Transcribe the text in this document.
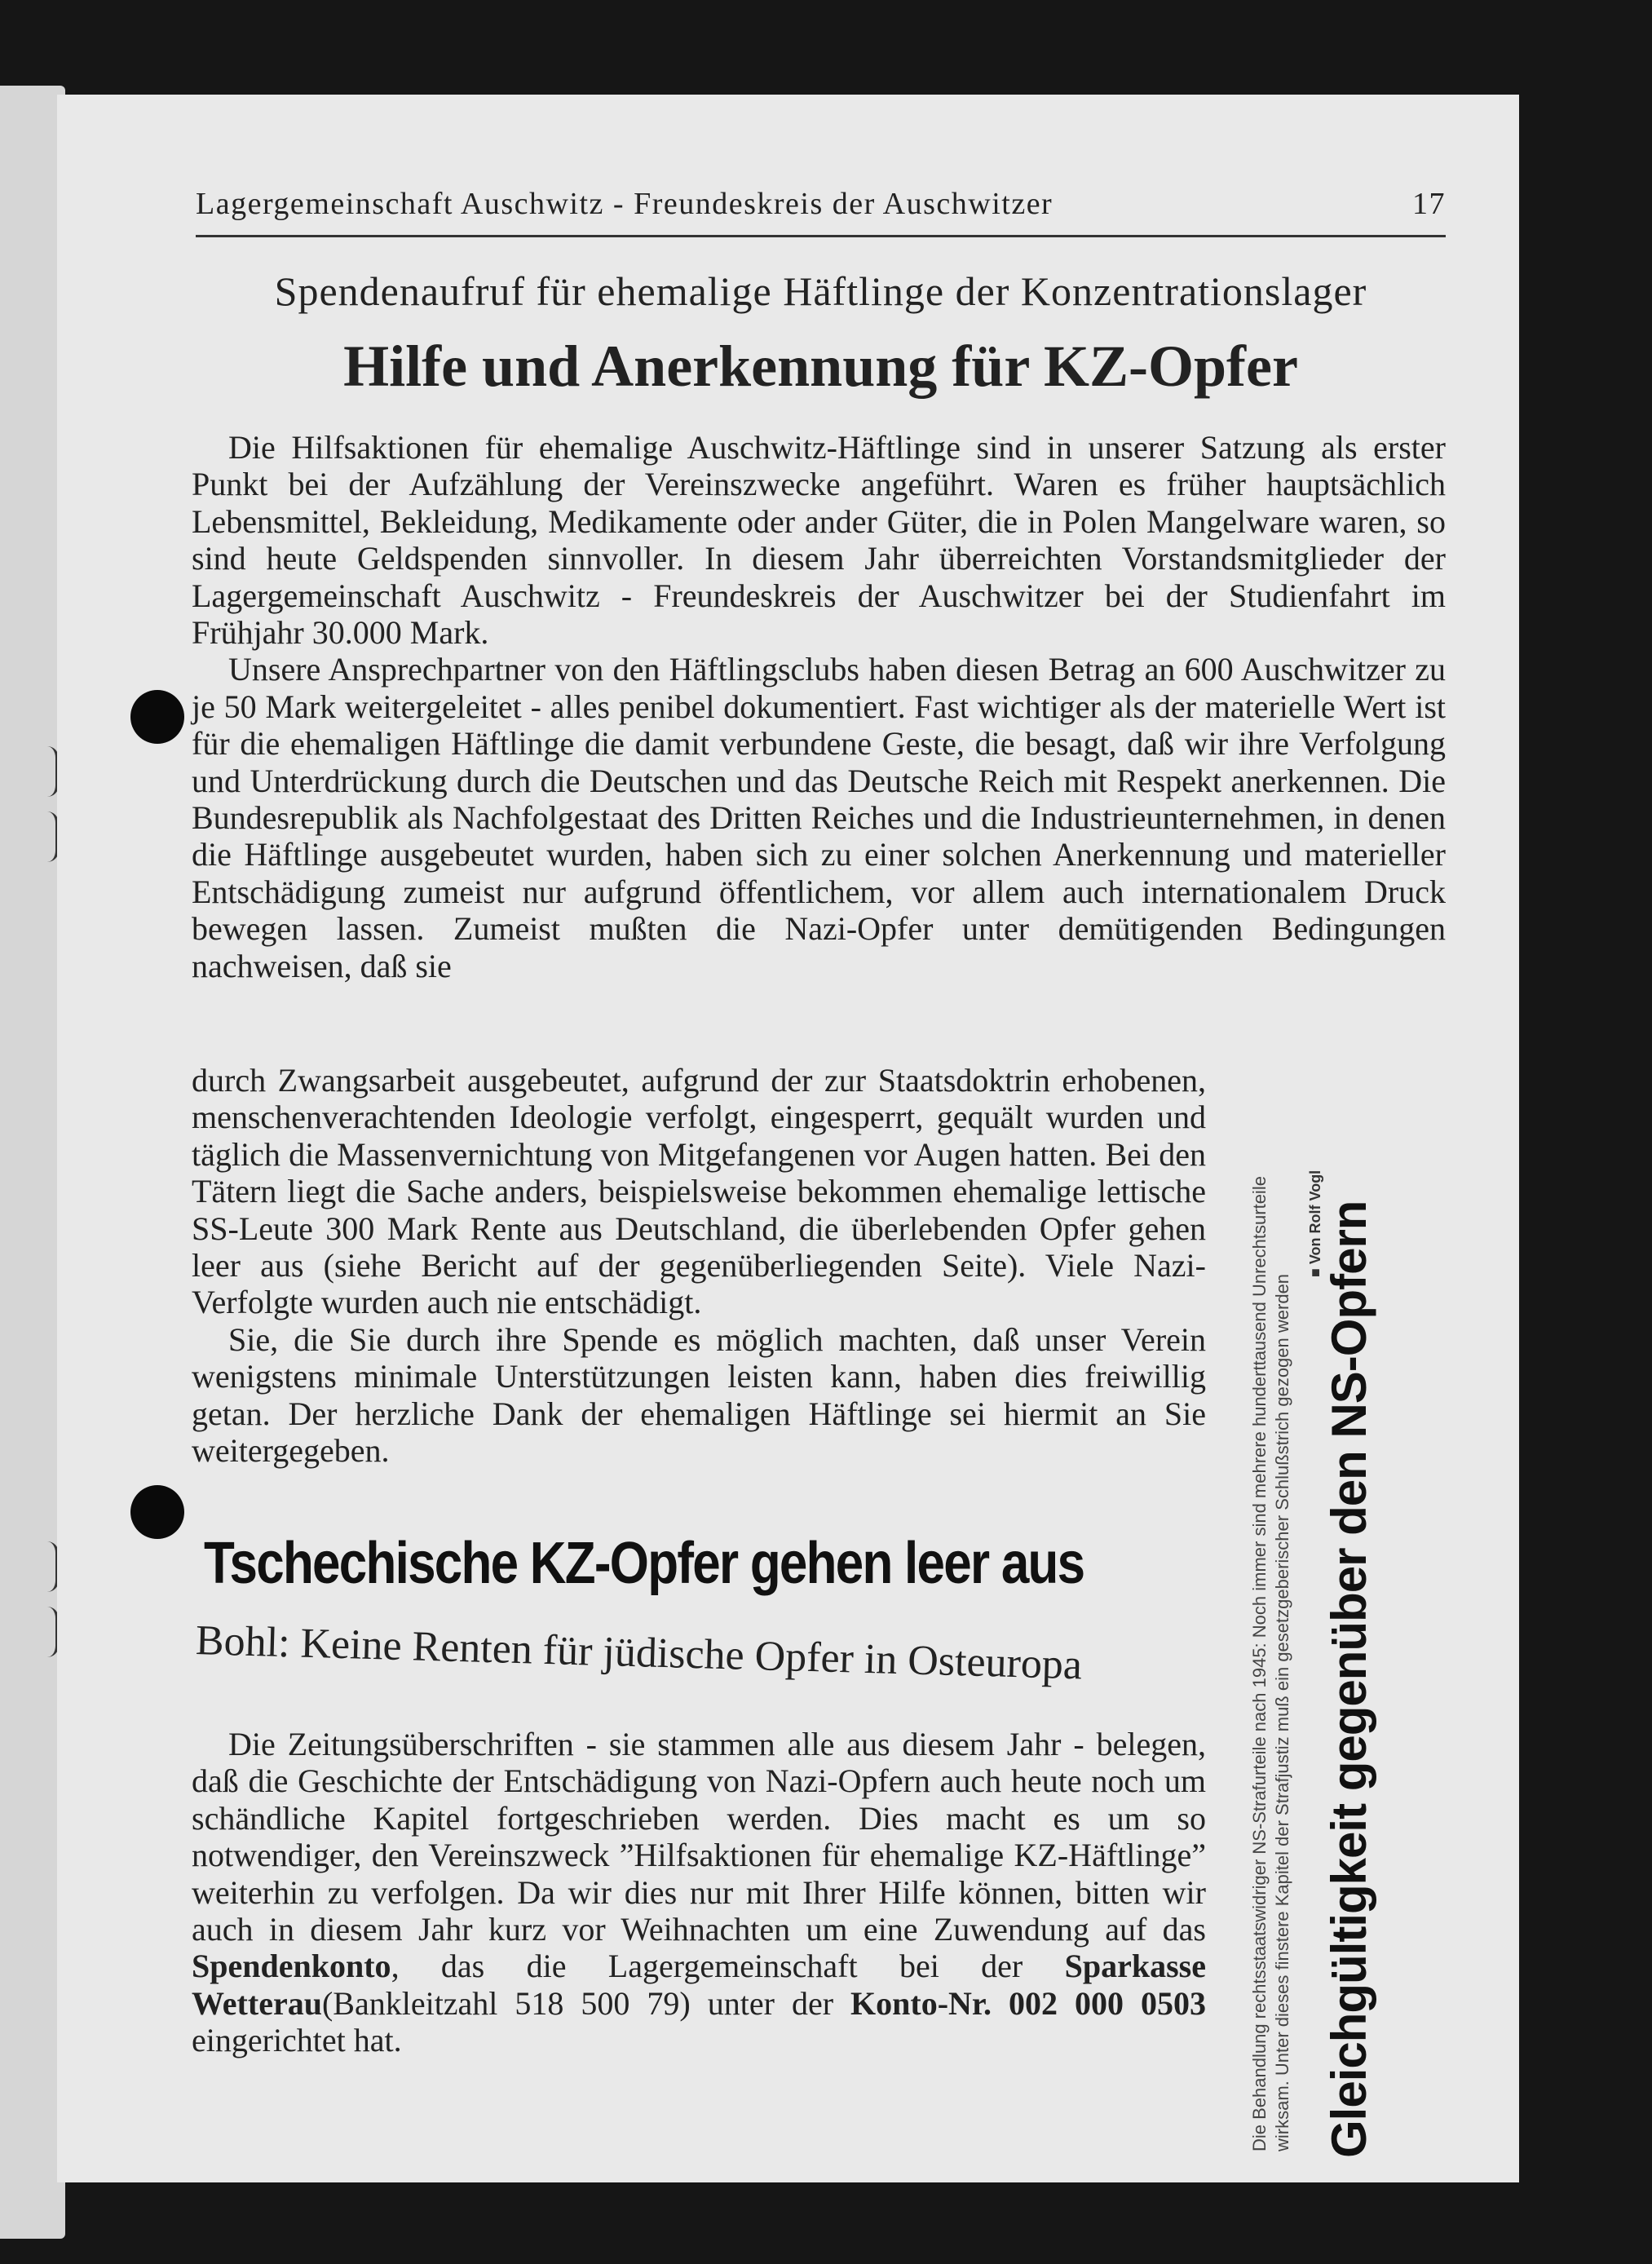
Lagergemeinschaft Auschwitz - Freundeskreis der Auschwitzer	17
Spendenaufruf für ehemalige Häftlinge der Konzentrationslager
Hilfe und Anerkennung für KZ-Opfer

Die Hilfsaktionen für ehemalige Auschwitz-Häftlinge sind in unserer Satzung als erster Punkt bei der Aufzählung der Vereinszwecke angeführt. Waren es früher hauptsächlich Lebensmittel, Bekleidung, Medikamente oder ander Güter, die in Polen Mangelware waren, so sind heute Geldspenden sinnvoller. In diesem Jahr überreichten Vorstandsmitglieder der Lagergemeinschaft Auschwitz - Freundeskreis der Auschwitzer bei der Studienfahrt im Frühjahr 30.000 Mark.

Unsere Ansprechpartner von den Häftlingsclubs haben diesen Betrag an 600 Auschwitzer zu je 50 Mark weitergeleitet - alles penibel dokumentiert. Fast wichtiger als der materielle Wert ist für die ehemaligen Häftlinge die damit verbundene Geste, die besagt, daß wir ihre Verfolgung und Unterdrückung durch die Deutschen und das Deutsche Reich mit Respekt anerkennen. Die Bundesrepublik als Nachfolgestaat des Dritten Reiches und die Industrieunternehmen, in denen die Häftlinge ausgebeutet wurden, haben sich zu einer solchen Anerkennung und materieller Entschädigung zumeist nur aufgrund öffentlichem, vor allem auch internationalem Druck bewegen lassen. Zumeist mußten die Nazi-Opfer unter demütigenden Bedingungen nachweisen, daß sie

durch Zwangsarbeit ausgebeutet, aufgrund der zur Staatsdoktrin erhobenen, menschenverachtenden Ideologie verfolgt, eingesperrt, gequält wurden und täglich die Massenvernichtung von Mitgefangenen vor Augen hatten. Bei den Tätern liegt die Sache anders, beispielsweise bekommen ehemalige lettische SS-Leute 300 Mark Rente aus Deutschland, die überlebenden Opfer gehen leer aus (siehe Bericht auf der gegenüberliegenden Seite). Viele Nazi-Verfolgte wurden auch nie entschädigt.

Sie, die Sie durch ihre Spende es möglich machten, daß unser Verein wenigstens minimale Unterstützungen leisten kann, haben dies freiwillig getan. Der herzliche Dank der ehemaligen Häftlinge sei hiermit an Sie weitergegeben.

Tschechische KZ-Opfer gehen leer aus
Bohl: Keine Renten für jüdische Opfer in Osteuropa

Die Zeitungsüberschriften - sie stammen alle aus diesem Jahr - belegen, daß die Geschichte der Entschädigung von Nazi-Opfern auch heute noch um schändliche Kapitel fortgeschrieben werden. Dies macht es um so notwendiger, den Vereinszweck ”Hilfsaktionen für ehemalige KZ-Häftlinge” weiterhin zu verfolgen. Da wir dies nur mit Ihrer Hilfe können, bitten wir auch in diesem Jahr kurz vor Weihnachten um eine Zuwendung auf das Spendenkonto, das die Lagergemeinschaft bei der Sparkasse Wetterau(Bankleitzahl 518 500 79) unter der Konto-Nr. 002 000 0503 eingerichtet hat.	Die Behandlung rechtsstaatswidriger NS-Strafurteile nach 1945: Noch immer sind mehrere hunderttausend Unrechtsurteile wirksam. Unter dieses finstere Kapitel der Strafjustiz muß ein gesetzgeberischer Schlußstrich gezogen werden
■ Von Rolf Vogl
Gleichgültigkeit gegenüber den NS-Opfern
